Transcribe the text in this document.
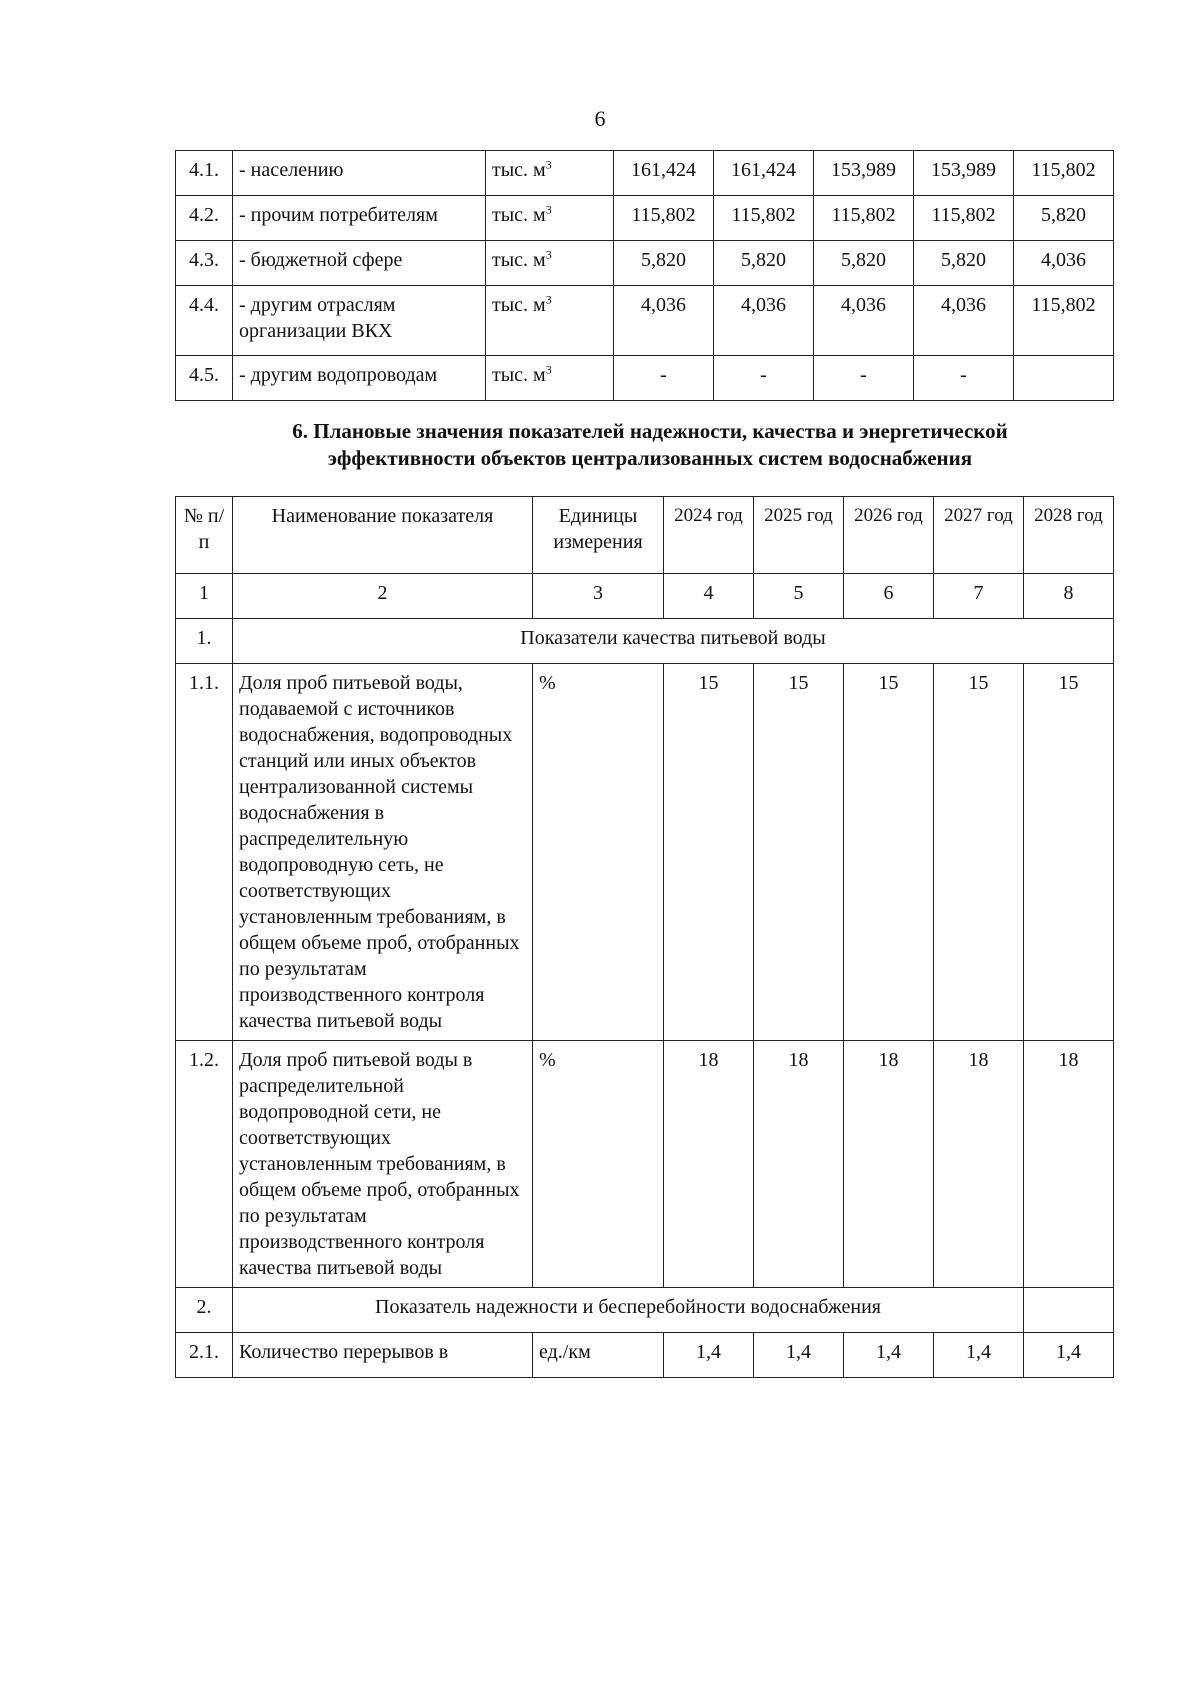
6
4.1.	- населению	тыс. $м^3$	161,424	161,424	153,989	153,989	115,802
4.2.	- прочим потребителям	тыс. $м^3$	115,802	115,802	115,802	115,802	5,820
4.3.	- бюджетной сфере	тыс. $м^3$	5,820	5,820	5,820	5,820	4,036
4.4.	- другим отраслям организации ВКХ	тыс. $м^3$	4,036	4,036	4,036	4,036	115,802
4.5.	- другим водопроводам	тыс. $м^3$	-	-	-	-	
6. Плановые значения показателей надежности, качества и энергетической
эффективности объектов централизованных систем водоснабжения
№ п/п	Наименование показателя	Единицы измерения	2024 год	2025 год	2026 год	2027 год	2028 год
1	2	3	4	5	6	7	8
1.	Показатели качества питьевой воды						
1.1.	Доля проб питьевой воды, подаваемой с источников водоснабжения, водопроводных станций или иных объектов централизованной системы водоснабжения в распределительную водопроводную сеть, не соответствующих установленным требованиям, в общем объеме проб, отобранных по результатам производственного контроля качества питьевой воды	%	15	15	15	15	15
1.2.	Доля проб питьевой воды в распределительной водопроводной сети, не соответствующих установленным требованиям, в общем объеме проб, отобранных по результатам производственного контроля качества питьевой воды	%	18	18	18	18	18
2.	Показатель надежности и бесперебойности водоснабжения						
2.1.	Количество перерывов в	ед./км	1,4	1,4	1,4	1,4	1,4
